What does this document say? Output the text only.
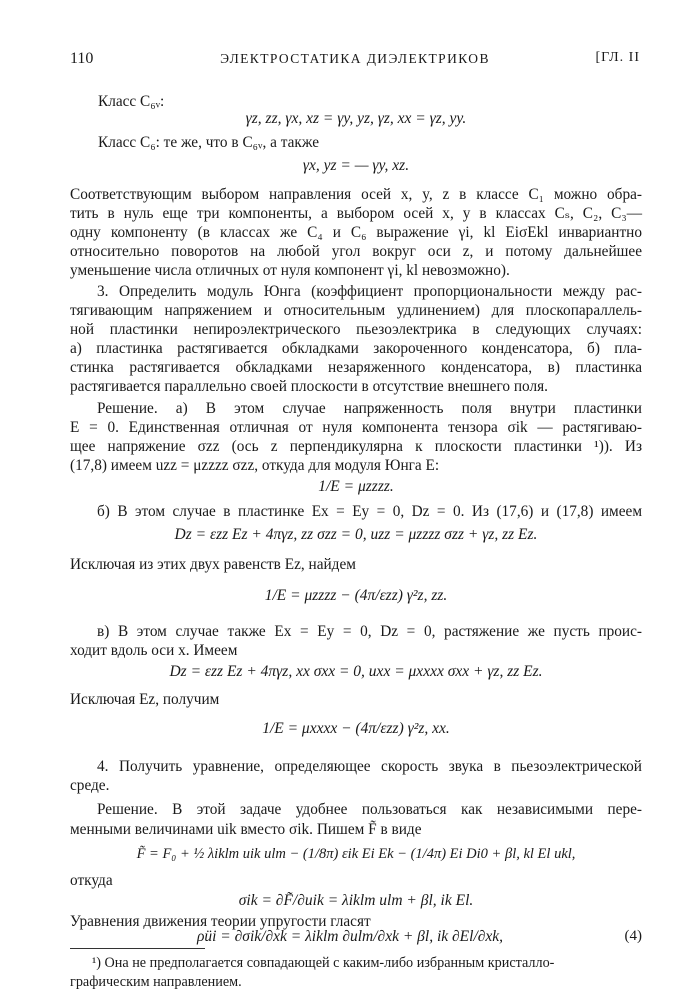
110	ЭЛЕКТРОСТАТИКА ДИЭЛЕКТРИКОВ	[ГЛ. II
Класс C₆ᵥ:
γz, zz, γx, xz = γy, yz, γz, xx = γz, yy.
Класс C₆: те же, что в C₆ᵥ, а также
γx, yz = — γy, xz.
Соответствующим выбором направления осей x, y, z в классе C₁ можно обра-
тить в нуль еще три компоненты, а выбором осей x, y в классах Cₛ, C₂, C₃—
одну компоненту (в классах же C₄ и C₆ выражение γi, kl EiσEkl инвариантно
относительно поворотов на любой угол вокруг оси z, и потому дальнейшее
уменьшение числа отличных от нуля компонент γi, kl невозможно).
3. Определить модуль Юнга (коэффициент пропорциональности между рас-
тягивающим напряжением и относительным удлинением) для плоскопараллель-
ной пластинки непироэлектрического пьезоэлектрика в следующих случаях:
а) пластинка растягивается обкладками закороченного конденсатора, б) пла-
стинка растягивается обкладками незаряженного конденсатора, в) пластинка
растягивается параллельно своей плоскости в отсутствие внешнего поля.
Решение. а) В этом случае напряженность поля внутри пластинки
E = 0. Единственная отличная от нуля компонента тензора σik — растягиваю-
щее напряжение σzz (ось z перпендикулярна к плоскости пластинки ¹)). Из
(17,8) имеем uzz = μzzzz σzz, откуда для модуля Юнга E:
1/E = μzzzz.
б) В этом случае в пластинке Ex = Ey = 0, Dz = 0. Из (17,6) и (17,8) имеем
Dz = εzz Ez + 4πγz, zz σzz = 0, uzz = μzzzz σzz + γz, zz Ez.
Исключая из этих двух равенств Ez, найдем
1/E = μzzzz − (4π/εzz) γ²z, zz.
в) В этом случае также Ex = Ey = 0, Dz = 0, растяжение же пусть проис-
ходит вдоль оси x. Имеем
Dz = εzz Ez + 4πγz, xx σxx = 0, uxx = μxxxx σxx + γz, zz Ez.
Исключая Ez, получим
1/E = μxxxx − (4π/εzz) γ²z, xx.
4. Получить уравнение, определяющее скорость звука в пьезоэлектрической
среде.
Решение. В этой задаче удобнее пользоваться как независимыми пере-
менными величинами uik вместо σik. Пишем F̃ в виде
F̃ = F₀ + ½ λiklm uik ulm − (1/8π) εik Ei Ek − (1/4π) Ei Di0 + βl, kl El ukl,
откуда
σik = ∂F̃/∂uik = λiklm ulm + βl, ik El.
Уравнения движения теории упругости гласят
ρüi = ∂σik/∂xk = λiklm ∂ulm/∂xk + βl, ik ∂El/∂xk,	(4)
¹) Она не предполагается совпадающей с каким-либо избранным кристалло-
графическим направлением.
